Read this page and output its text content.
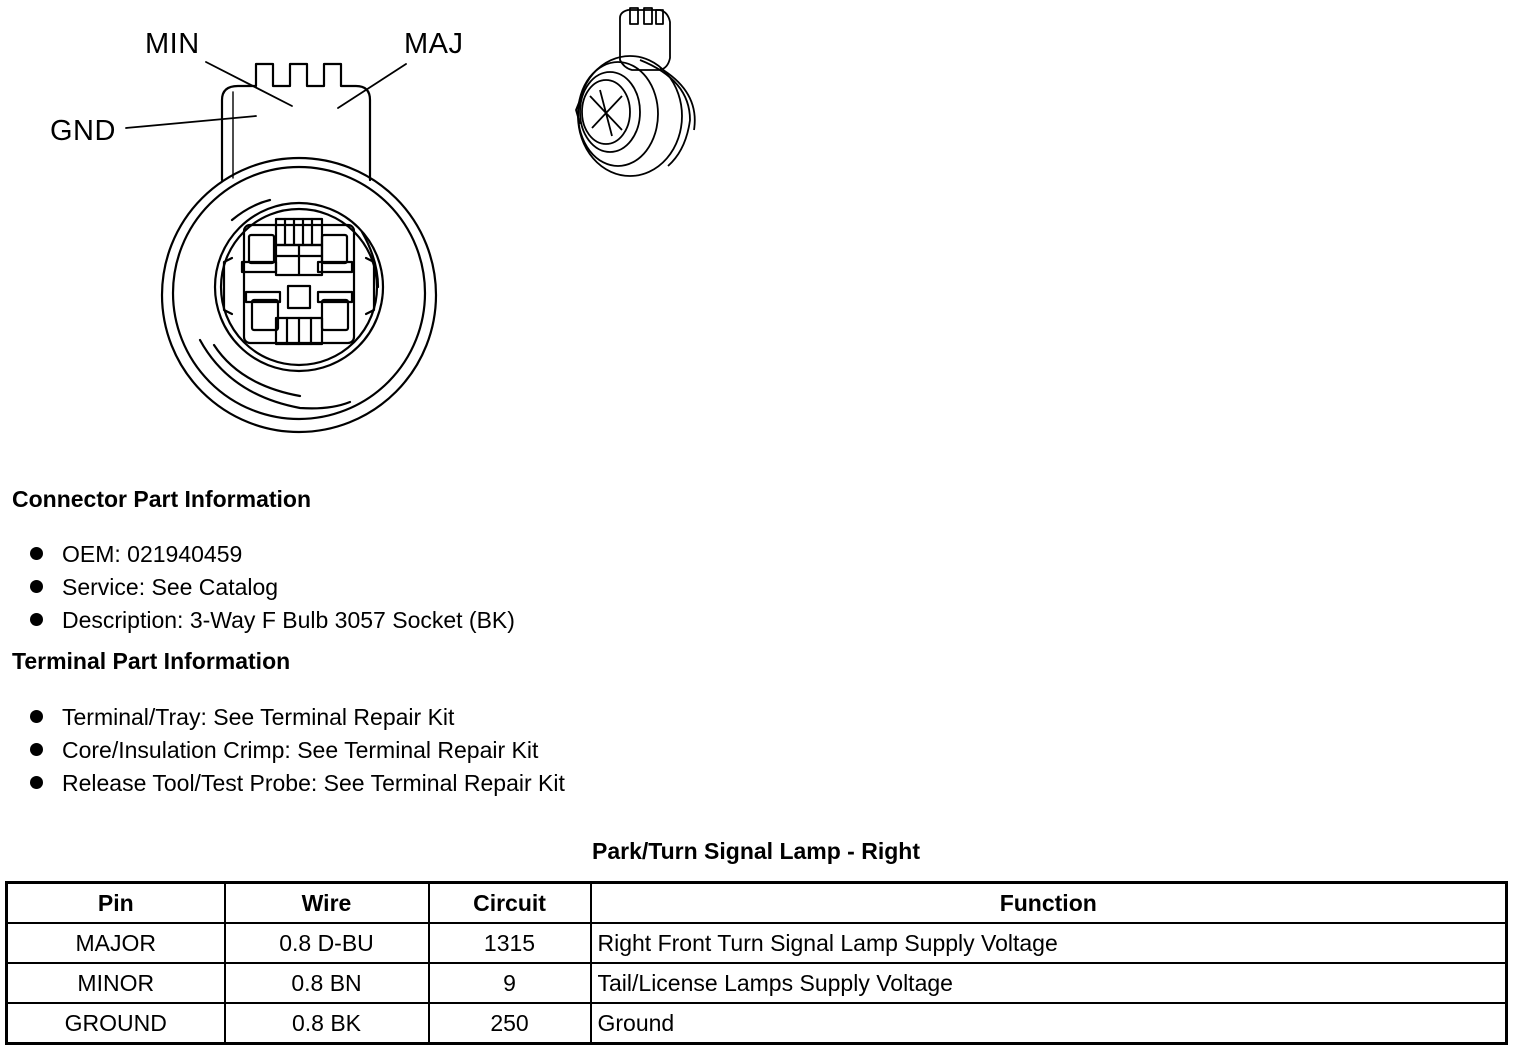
MIN	MAJ
GND
Connector Part Information
OEM: 021940459
Service: See Catalog
Description: 3-Way F Bulb 3057 Socket (BK)
Terminal Part Information
Terminal/Tray: See Terminal Repair Kit
Core/Insulation Crimp: See Terminal Repair Kit
Release Tool/Test Probe: See Terminal Repair Kit
Park/Turn Signal Lamp - Right
Pin	Wire	Circuit	Function
MAJOR	0.8 D-BU	1315	Right Front Turn Signal Lamp Supply Voltage
MINOR	0.8 BN	9	Tail/License Lamps Supply Voltage
GROUND	0.8 BK	250	Ground
